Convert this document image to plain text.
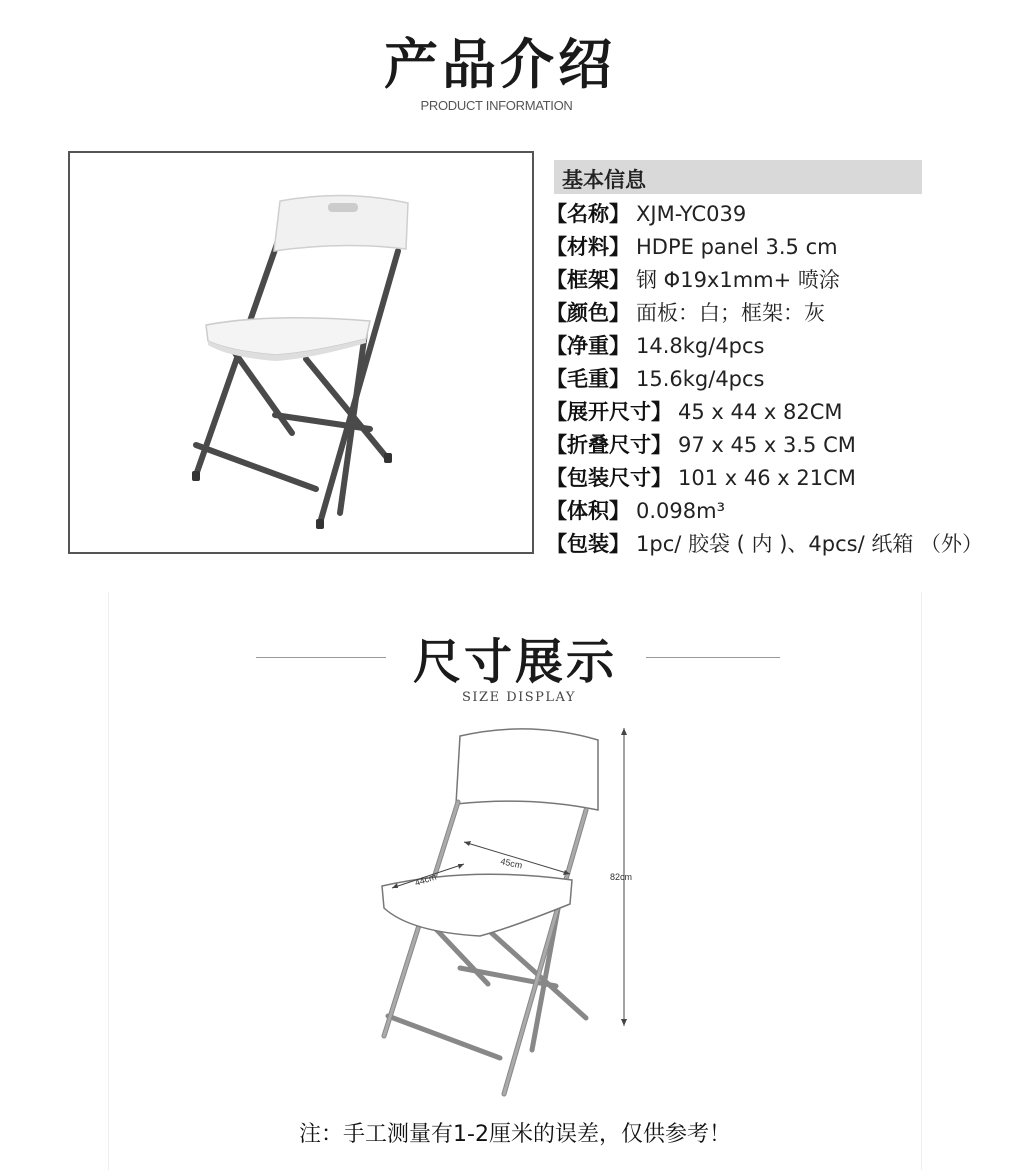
产品介绍
PRODUCT INFORMATION
基本信息
【名称】 XJM-YC039
【材料】 HDPE panel 3.5 cm
【框架】 钢 Φ19x1mm+ 喷涂
【颜色】 面板：白；框架：灰
【净重】 14.8kg/4pcs
【毛重】 15.6kg/4pcs
【展开尺寸】 45 x 44 x 82CM
【折叠尺寸】 97 x 45 x 3.5 CM
【包装尺寸】 101 x 46 x 21CM
【体积】 0.098m³
【包装】 1pc/ 胶袋 ( 内 )、4pcs/ 纸箱 （外）
尺寸展示
SIZE DISPLAY
45cm
44cm	82cm
注：手工测量有1-2厘米的误差，仅供参考！
